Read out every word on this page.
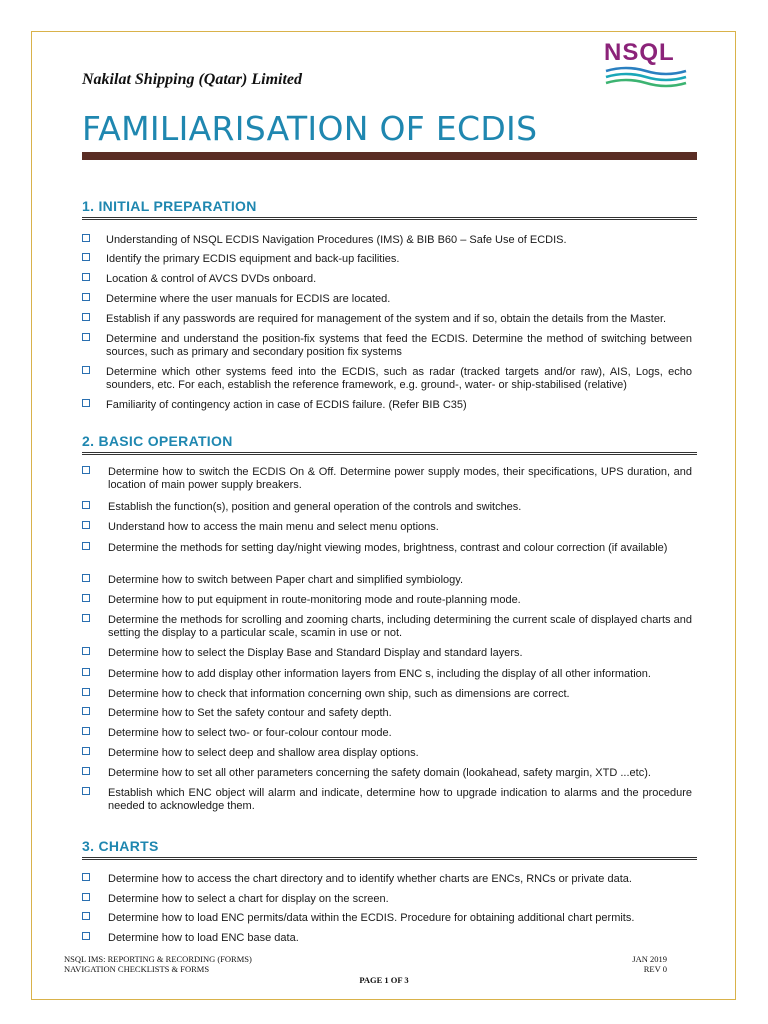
Nakilat Shipping (Qatar) Limited
NSQL
FAMILIARISATION OF ECDIS
1. INITIAL PREPARATION
Understanding of NSQL ECDIS Navigation Procedures (IMS) & BIB B60 – Safe Use of ECDIS.
Identify the primary ECDIS equipment and back-up facilities.
Location & control of AVCS DVDs onboard.
Determine where the user manuals for ECDIS are located.
Establish if any passwords are required for management of the system and if so, obtain the details from the Master.
Determine and understand the position-fix systems that feed the ECDIS. Determine the method of switching between sources, such as primary and secondary position fix systems
Determine which other systems feed into the ECDIS, such as radar (tracked targets and/or raw), AIS, Logs, echo sounders, etc. For each, establish the reference framework, e.g. ground-, water- or ship-stabilised (relative)
Familiarity of contingency action in case of ECDIS failure. (Refer BIB C35)
2. BASIC OPERATION
Determine how to switch the ECDIS On & Off. Determine power supply modes, their specifications, UPS duration, and location of main power supply breakers.
Establish the function(s), position and general operation of the controls and switches.
Understand how to access the main menu and select menu options.
Determine the methods for setting day/night viewing modes, brightness, contrast and colour correction (if available)
Determine how to switch between Paper chart and simplified symbiology.
Determine how to put equipment in route-monitoring mode and route-planning mode.
Determine the methods for scrolling and zooming charts, including determining the current scale of displayed charts and setting the display to a particular scale, scamin in use or not.
Determine how to select the Display Base and Standard Display and standard layers.
Determine how to add display other information layers from ENC s, including the display of all other information.
Determine how to check that information concerning own ship, such as dimensions are correct.
Determine how to Set the safety contour and safety depth.
Determine how to select two- or four-colour contour mode.
Determine how to select deep and shallow area display options.
Determine how to set all other parameters concerning the safety domain (lookahead, safety margin, XTD ...etc).
Establish which ENC object will alarm and indicate, determine how to upgrade indication to alarms and the procedure needed to acknowledge them.
3. CHARTS
Determine how to access the chart directory and to identify whether charts are ENCs, RNCs or private data.
Determine how to select a chart for display on the screen.
Determine how to load ENC permits/data within the ECDIS. Procedure for obtaining additional chart permits.
Determine how to load ENC base data.
NSQL IMS: REPORTING & RECORDING (FORMS)
NAVIGATION CHECKLISTS & FORMS
PAGE 1 OF 3
JAN 2019
REV 0
